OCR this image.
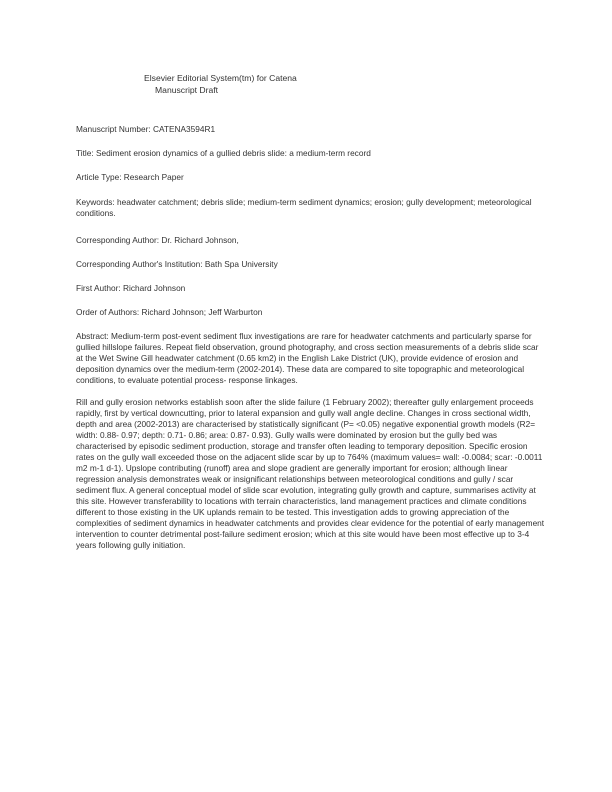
Elsevier Editorial System(tm) for Catena
Manuscript Draft

Manuscript Number: CATENA3594R1

Title: Sediment erosion dynamics of a gullied debris slide: a medium-term record

Article Type: Research Paper

Keywords: headwater catchment; debris slide; medium-term sediment dynamics; erosion; gully development; meteorological conditions.

Corresponding Author: Dr. Richard Johnson,

Corresponding Author's Institution: Bath Spa University

First Author: Richard Johnson

Order of Authors: Richard Johnson; Jeff Warburton

Abstract: Medium-term post-event sediment flux investigations are rare for headwater catchments and particularly sparse for gullied hillslope failures. Repeat field observation, ground photography, and cross section measurements of a debris slide scar at the Wet Swine Gill headwater catchment (0.65 km2) in the English Lake District (UK), provide evidence of erosion and deposition dynamics over the medium-term (2002-2014). These data are compared to site topographic and meteorological conditions, to evaluate potential process- response linkages.

Rill and gully erosion networks establish soon after the slide failure (1 February 2002); thereafter gully enlargement proceeds rapidly, first by vertical downcutting, prior to lateral expansion and gully wall angle decline. Changes in cross sectional width, depth and area (2002-2013) are characterised by statistically significant (P= <0.05) negative exponential growth models (R2= width: 0.88- 0.97; depth: 0.71- 0.86; area: 0.87- 0.93). Gully walls were dominated by erosion but the gully bed was characterised by episodic sediment production, storage and transfer often leading to temporary deposition. Specific erosion rates on the gully wall exceeded those on the adjacent slide scar by up to 764% (maximum values= wall: -0.0084; scar: -0.0011 m2 m-1 d-1). Upslope contributing (runoff) area and slope gradient are generally important for erosion; although linear regression analysis demonstrates weak or insignificant relationships between meteorological conditions and gully / scar sediment flux. A general conceptual model of slide scar evolution, integrating gully growth and capture, summarises activity at this site. However transferability to locations with terrain characteristics, land management practices and climate conditions different to those existing in the UK uplands remain to be tested. This investigation adds to growing appreciation of the complexities of sediment dynamics in headwater catchments and provides clear evidence for the potential of early management intervention to counter detrimental post-failure sediment erosion; which at this site would have been most effective up to 3-4 years following gully initiation.
